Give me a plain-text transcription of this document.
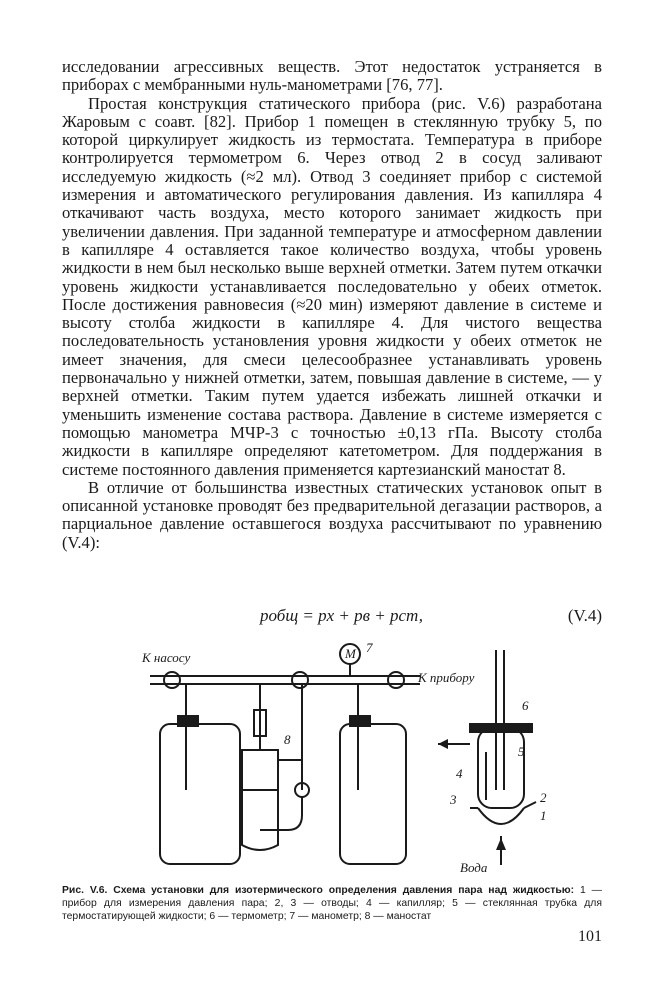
исследовании агрессивных веществ. Этот недостаток устраняется в приборах с мембранными нуль-манометрами [76, 77].

Простая конструкция статического прибора (рис. V.6) разработана Жаровым с соавт. [82]. Прибор 1 помещен в стеклянную трубку 5, по которой циркулирует жидкость из термостата. Температура в приборе контролируется термометром 6. Через отвод 2 в сосуд заливают исследуемую жидкость (≈2 мл). Отвод 3 соединяет прибор с системой измерения и автоматического регулирования давления. Из капилляра 4 откачивают часть воздуха, место которого занимает жидкость при увеличении давления. При заданной температуре и атмосферном давлении в капилляре 4 оставляется такое количество воздуха, чтобы уровень жидкости в нем был несколько выше верхней отметки. Затем путем откачки уровень жидкости устанавливается последовательно у обеих отметок. После достижения равновесия (≈20 мин) измеряют давление в системе и высоту столба жидкости в капилляре 4. Для чистого вещества последовательность установления уровня жидкости у обеих отметок не имеет значения, для смеси целесообразнее устанавливать уровень первоначально у нижней отметки, затем, повышая давление в системе, — у верхней отметки. Таким путем удается избежать лишней откачки и уменьшить изменение состава раствора. Давление в системе измеряется с помощью манометра МЧР-3 с точностью ±0,13 гПа. Высоту столба жидкости в капилляре определяют катетометром. Для поддержания в системе постоянного давления применяется картезианский маностат 8.

В отличие от большинства известных статических установок опыт в описанной установке проводят без предварительной дегазации растворов, а парциальное давление оставшегося воздуха рассчитывают по уравнению (V.4):

pобщ = px + pв + pст,	(V.4)
К насосу
К прибору
Вода
М 7
8
6
5
4
3	2
1
Рис. V.6. Схема установки для изотермического определения давления пара над жидкостью: 1 — прибор для измерения давления пара; 2, 3 — отводы; 4 — капилляр; 5 — стеклянная трубка для термостатирующей жидкости; 6 — термометр; 7 — манометр; 8 — маностат
101
